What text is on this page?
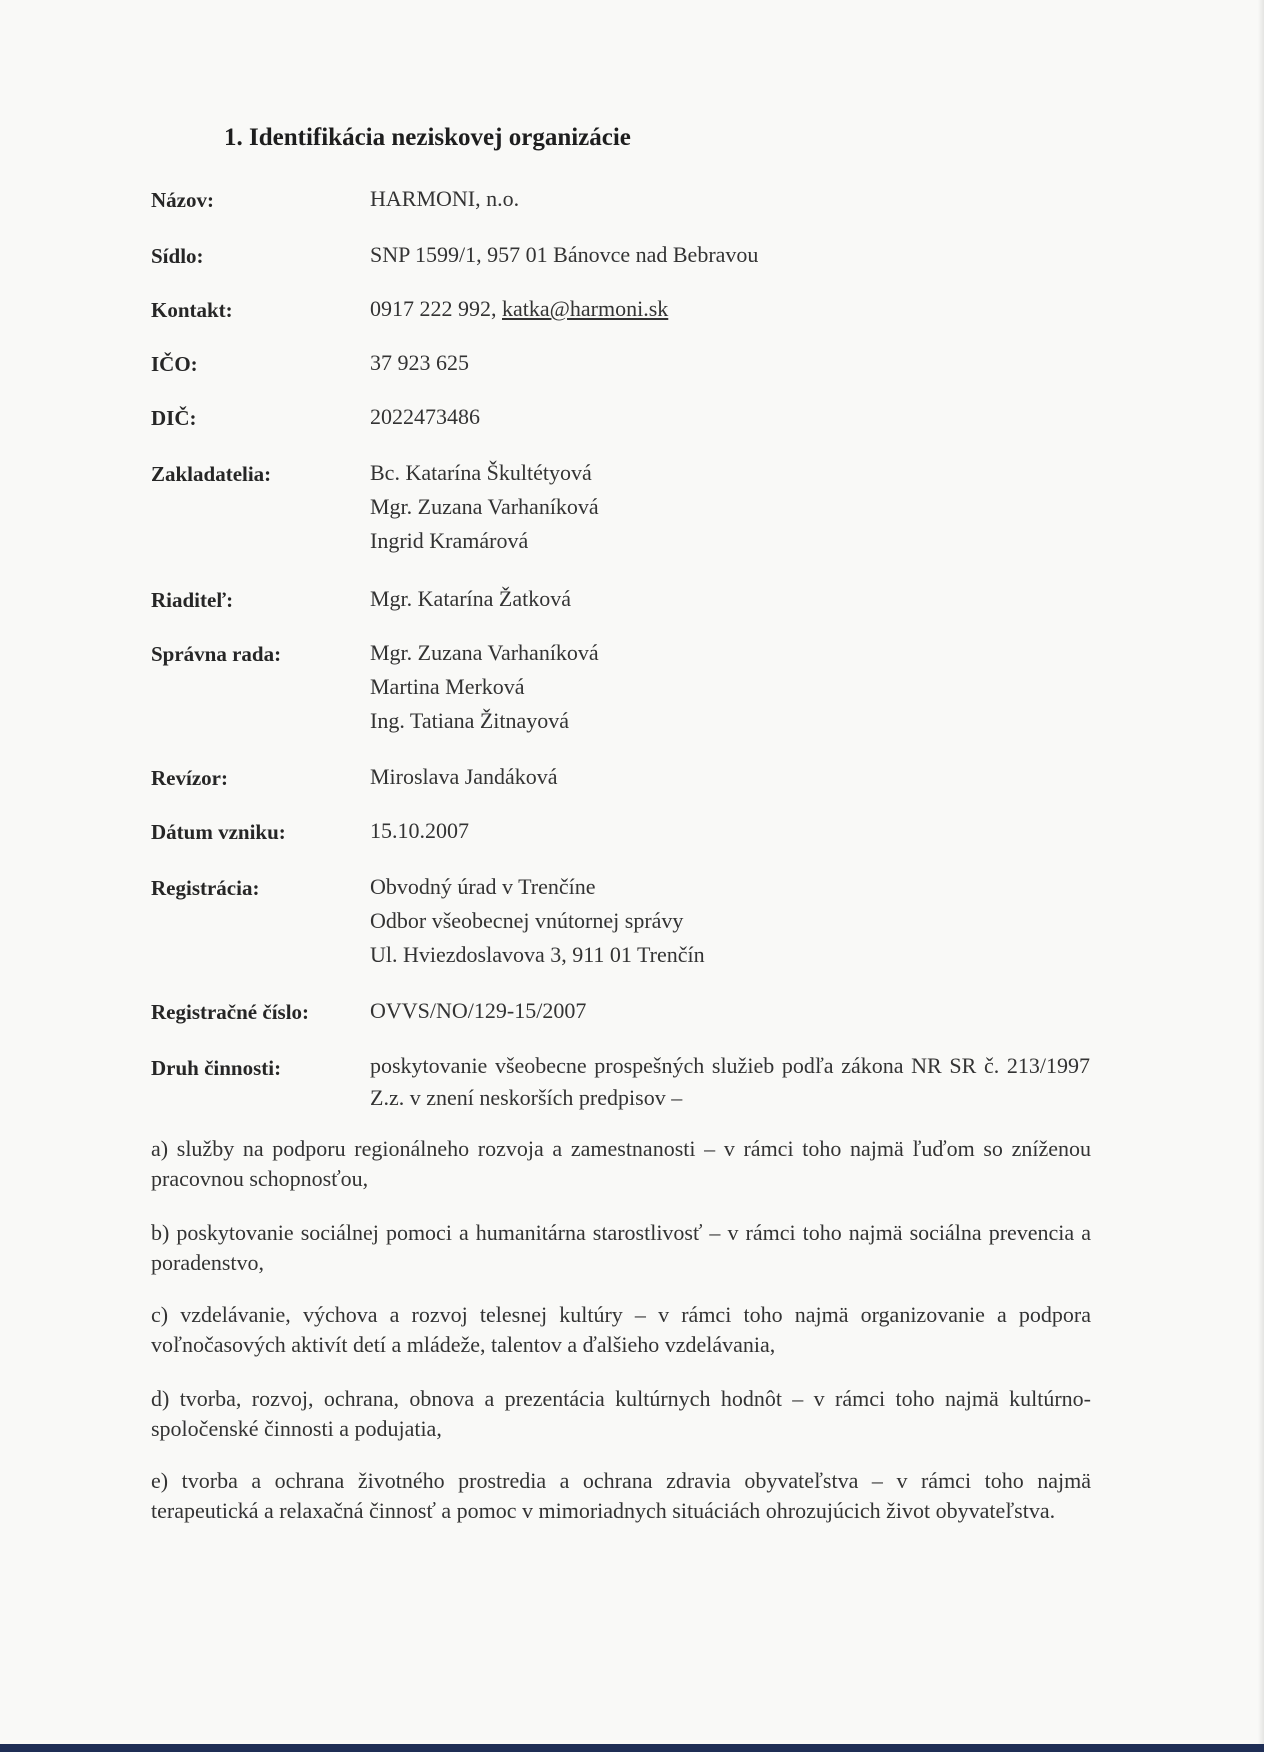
1. Identifikácia neziskovej organizácie
Názov:	HARMONI, n.o.
Sídlo:	SNP 1599/1, 957 01 Bánovce nad Bebravou
Kontakt:	0917 222 992, katka@harmoni.sk
IČO:	37 923 625
DIČ:	2022473486
Zakladatelia:	Bc. Katarína Škultétyová
Mgr. Zuzana Varhaníková
Ingrid Kramárová
Riaditeľ:	Mgr. Katarína Žatková
Správna rada:	Mgr. Zuzana Varhaníková
Martina Merková
Ing. Tatiana Žitnayová
Revízor:	Miroslava Jandáková
Dátum vzniku:	15.10.2007
Registrácia:	Obvodný úrad v Trenčíne
Odbor všeobecnej vnútornej správy
Ul. Hviezdoslavova 3, 911 01 Trenčín
Registračné číslo:	OVVS/NO/129-15/2007
Druh činnosti:	poskytovanie všeobecne prospešných služieb podľa zákona NR SR č. 213/1997 Z.z. v znení neskorších predpisov –
a) služby na podporu regionálneho rozvoja a zamestnanosti – v rámci toho najmä ľuďom so zníženou pracovnou schopnosťou,
b) poskytovanie sociálnej pomoci a humanitárna starostlivosť – v rámci toho najmä sociálna prevencia a poradenstvo,
c) vzdelávanie, výchova a rozvoj telesnej kultúry – v rámci toho najmä organizovanie a podpora voľnočasových aktivít detí a mládeže, talentov a ďalšieho vzdelávania,
d) tvorba, rozvoj, ochrana, obnova a prezentácia kultúrnych hodnôt – v rámci toho najmä kultúrno-spoločenské činnosti a podujatia,
e) tvorba a ochrana životného prostredia a ochrana zdravia obyvateľstva – v rámci toho najmä terapeutická a relaxačná činnosť a pomoc v mimoriadnych situáciách ohrozujúcich život obyvateľstva.
